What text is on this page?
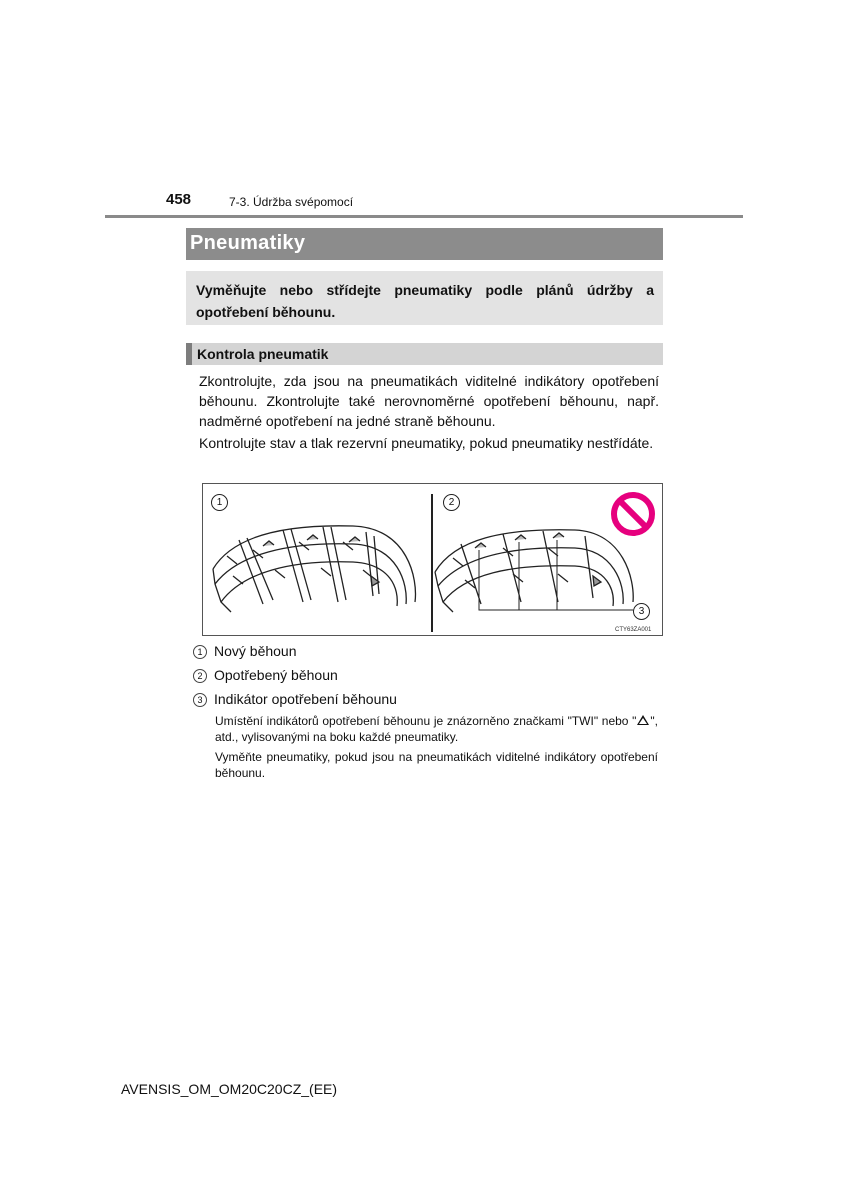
458	7-3. Údržba svépomocí
Pneumatiky
Vyměňujte nebo střídejte pneumatiky podle plánů údržby a opotřebení běhounu.
Kontrola pneumatik
Zkontrolujte, zda jsou na pneumatikách viditelné indikátory opotřebení běhounu. Zkontrolujte také nerovnoměrné opotřebení běhounu, např. nadměrné opotřebení na jedné straně běhounu.
Kontrolujte stav a tlak rezervní pneumatiky, pokud pneumatiky nestřídáte.
1	2
3
CTY63ZA001
1 Nový běhoun
2 Opotřebený běhoun
3 Indikátor opotřebení běhounu
Umístění indikátorů opotřebení běhounu je znázorněno značkami "TWI" nebo " ", atd., vylisovanými na boku každé pneumatiky.
Vyměňte pneumatiky, pokud jsou na pneumatikách viditelné indikátory opotřebení běhounu.
AVENSIS_OM_OM20C20CZ_(EE)
